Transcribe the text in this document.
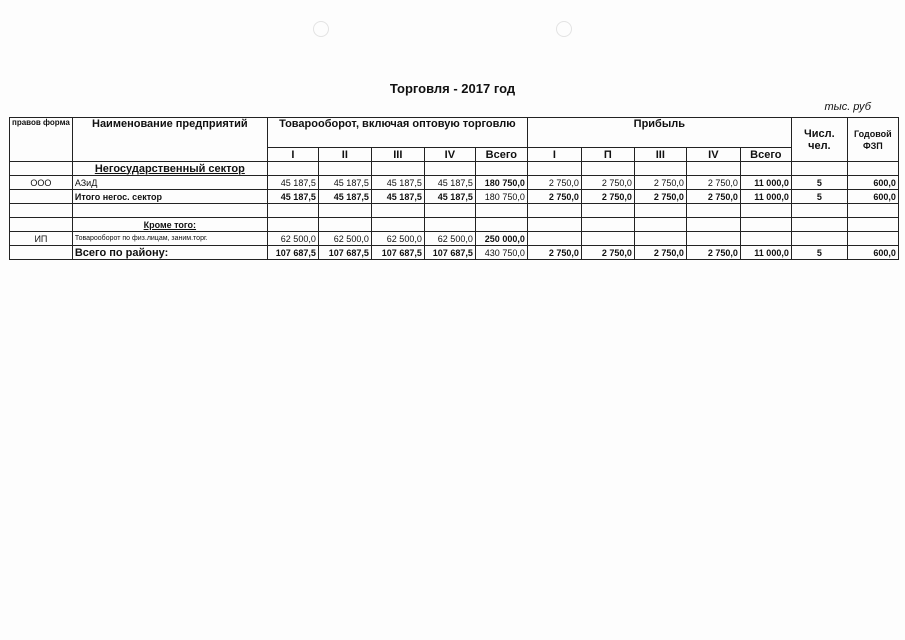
Торговля - 2017 год
тыс. руб
правов форма	Наименование предприятий	Товарооборот, включая оптовую торговлю					Прибыль					Числ. чел.	Годовой ФЗП
		I	II	III	IV	Всего	I	П	III	IV	Всего		
	Негосударственный сектор												
ООО	АЗиД	45 187,5	45 187,5	45 187,5	45 187,5	180 750,0	2 750,0	2 750,0	2 750,0	2 750,0	11 000,0	5	600,0
	Итого негос. сектор	45 187,5	45 187,5	45 187,5	45 187,5	180 750,0	2 750,0	2 750,0	2 750,0	2 750,0	11 000,0	5	600,0

	Кроме того:												
ИП	Товарооборот по физ.лицам, заним.торг.	62 500,0	62 500,0	62 500,0	62 500,0	250 000,0							
	Всего по району:	107 687,5	107 687,5	107 687,5	107 687,5	430 750,0	2 750,0	2 750,0	2 750,0	2 750,0	11 000,0	5	600,0
